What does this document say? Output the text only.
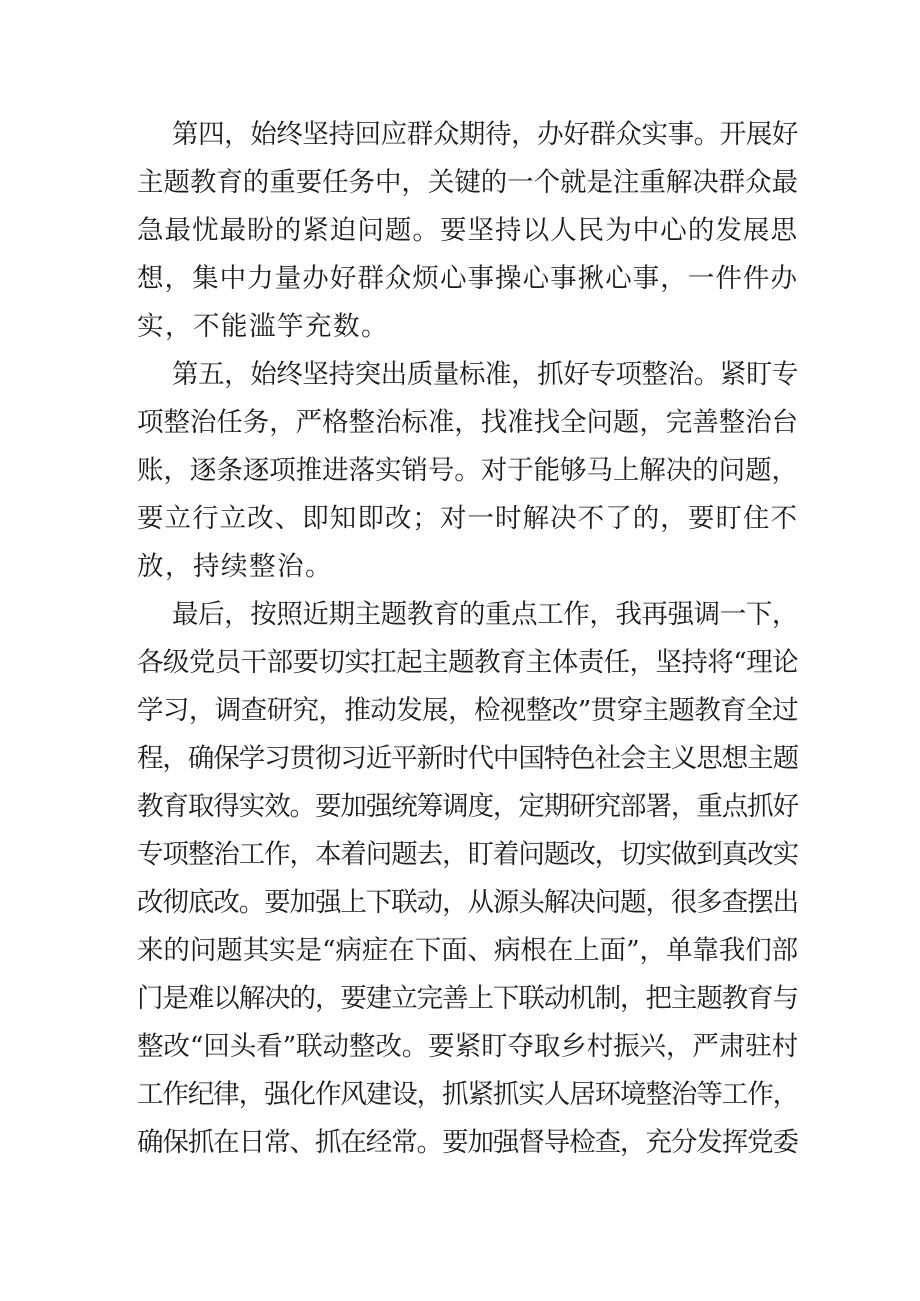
第四，始终坚持回应群众期待，办好群众实事。开展好
主题教育的重要任务中，关键的一个就是注重解决群众最
急最忧最盼的紧迫问题。要坚持以人民为中心的发展思
想，集中力量办好群众烦心事操心事揪心事，一件件办
实，不能滥竽充数。
第五，始终坚持突出质量标准，抓好专项整治。紧盯专
项整治任务，严格整治标准，找准找全问题，完善整治台
账，逐条逐项推进落实销号。对于能够马上解决的问题，
要立行立改、即知即改；对一时解决不了的，要盯住不
放，持续整治。
最后，按照近期主题教育的重点工作，我再强调一下，
各级党员干部要切实扛起主题教育主体责任，坚持将“理论
学习，调查研究，推动发展，检视整改”贯穿主题教育全过
程，确保学习贯彻习近平新时代中国特色社会主义思想主题
教育取得实效。要加强统筹调度，定期研究部署，重点抓好
专项整治工作，本着问题去，盯着问题改，切实做到真改实
改彻底改。要加强上下联动，从源头解决问题，很多查摆出
来的问题其实是“病症在下面、病根在上面”，单靠我们部
门是难以解决的，要建立完善上下联动机制，把主题教育与
整改“回头看”联动整改。要紧盯夺取乡村振兴，严肃驻村
工作纪律，强化作风建设，抓紧抓实人居环境整治等工作，
确保抓在日常、抓在经常。要加强督导检查，充分发挥党委
